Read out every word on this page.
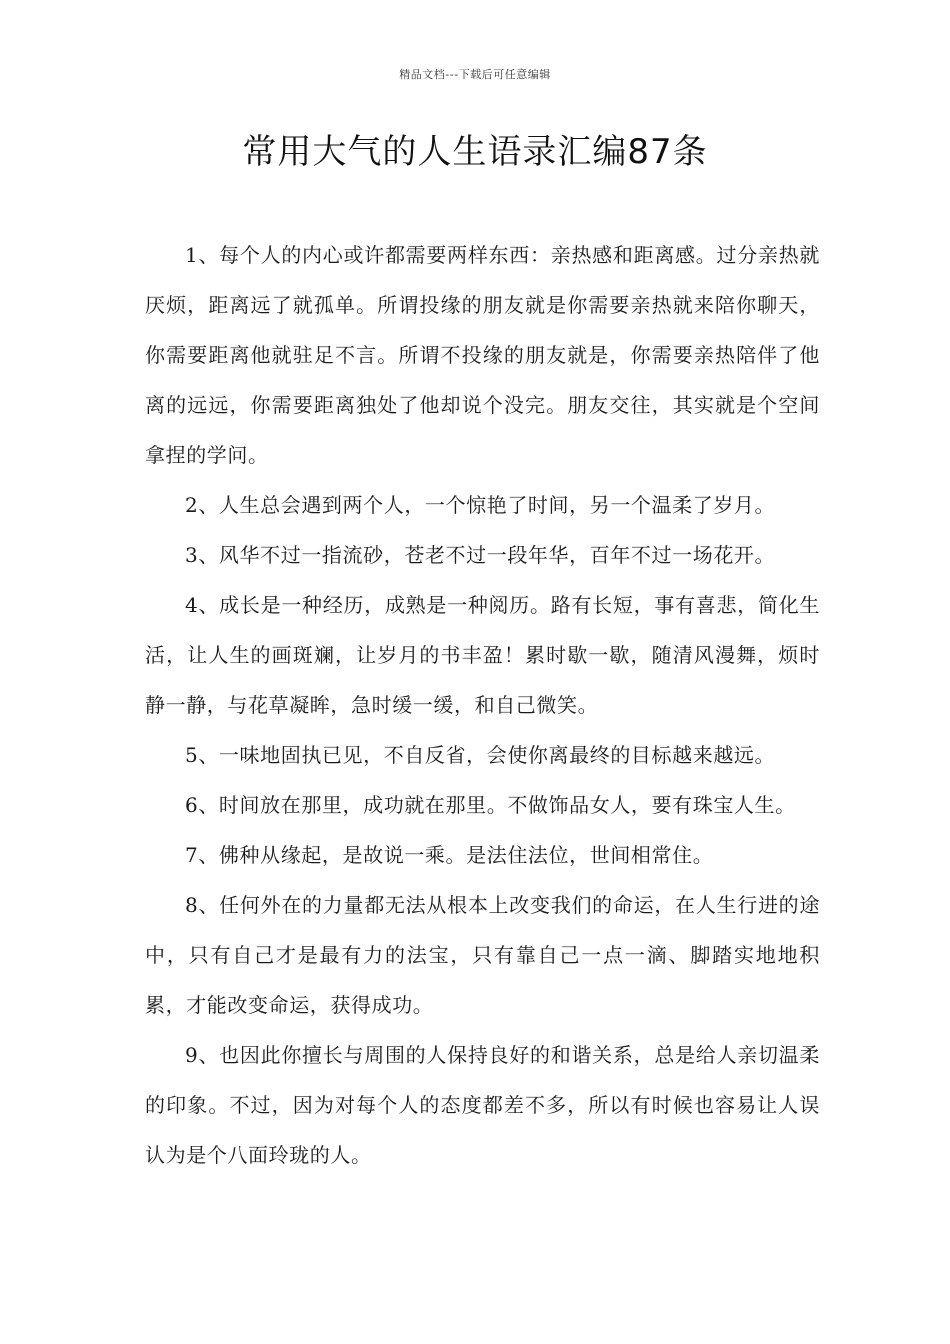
精品文档---下载后可任意编辑
常用大气的人生语录汇编87条

1、每个人的内心或许都需要两样东西：亲热感和距离感。过分亲热就厌烦，距离远了就孤单。所谓投缘的朋友就是你需要亲热就来陪你聊天，你需要距离他就驻足不言。所谓不投缘的朋友就是，你需要亲热陪伴了他离的远远，你需要距离独处了他却说个没完。朋友交往，其实就是个空间拿捏的学问。

2、人生总会遇到两个人，一个惊艳了时间，另一个温柔了岁月。

3、风华不过一指流砂，苍老不过一段年华，百年不过一场花开。

4、成长是一种经历，成熟是一种阅历。路有长短，事有喜悲，简化生活，让人生的画斑斓，让岁月的书丰盈！累时歇一歇，随清风漫舞，烦时静一静，与花草凝眸，急时缓一缓，和自己微笑。

5、一味地固执已见，不自反省，会使你离最终的目标越来越远。

6、时间放在那里，成功就在那里。不做饰品女人，要有珠宝人生。

7、佛种从缘起，是故说一乘。是法住法位，世间相常住。

8、任何外在的力量都无法从根本上改变我们的命运，在人生行进的途中，只有自己才是最有力的法宝，只有靠自己一点一滴、脚踏实地地积累，才能改变命运，获得成功。

9、也因此你擅长与周围的人保持良好的和谐关系，总是给人亲切温柔的印象。不过，因为对每个人的态度都差不多，所以有时候也容易让人误认为是个八面玲珑的人。
